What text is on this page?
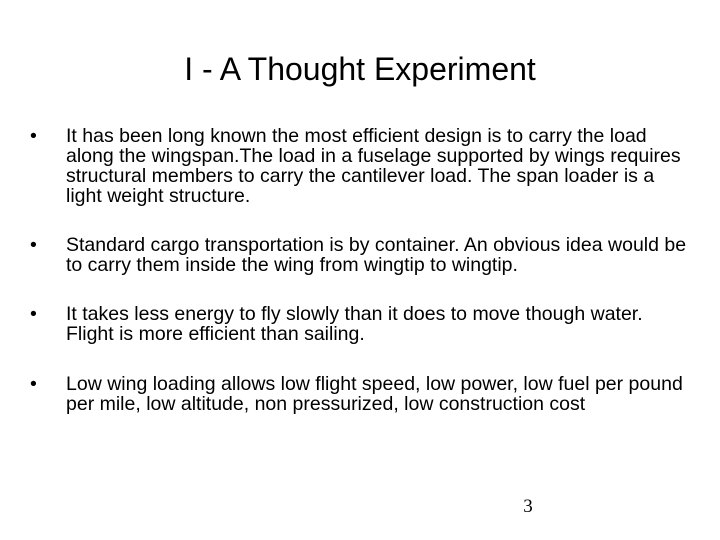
I - A Thought Experiment
•	It has been long known the most efficient design is to carry the load along the wingspan.The load in a fuselage supported by wings requires structural members to carry the cantilever load. The span loader is a light weight structure.
•	Standard cargo transportation is by container. An obvious idea would be to carry them inside the wing from wingtip to wingtip.
•	It takes less energy to fly slowly than it does to move though water. Flight is more efficient than sailing.
•	Low wing loading allows low flight speed, low power, low fuel per pound per mile, low altitude, non pressurized, low construction cost
3
